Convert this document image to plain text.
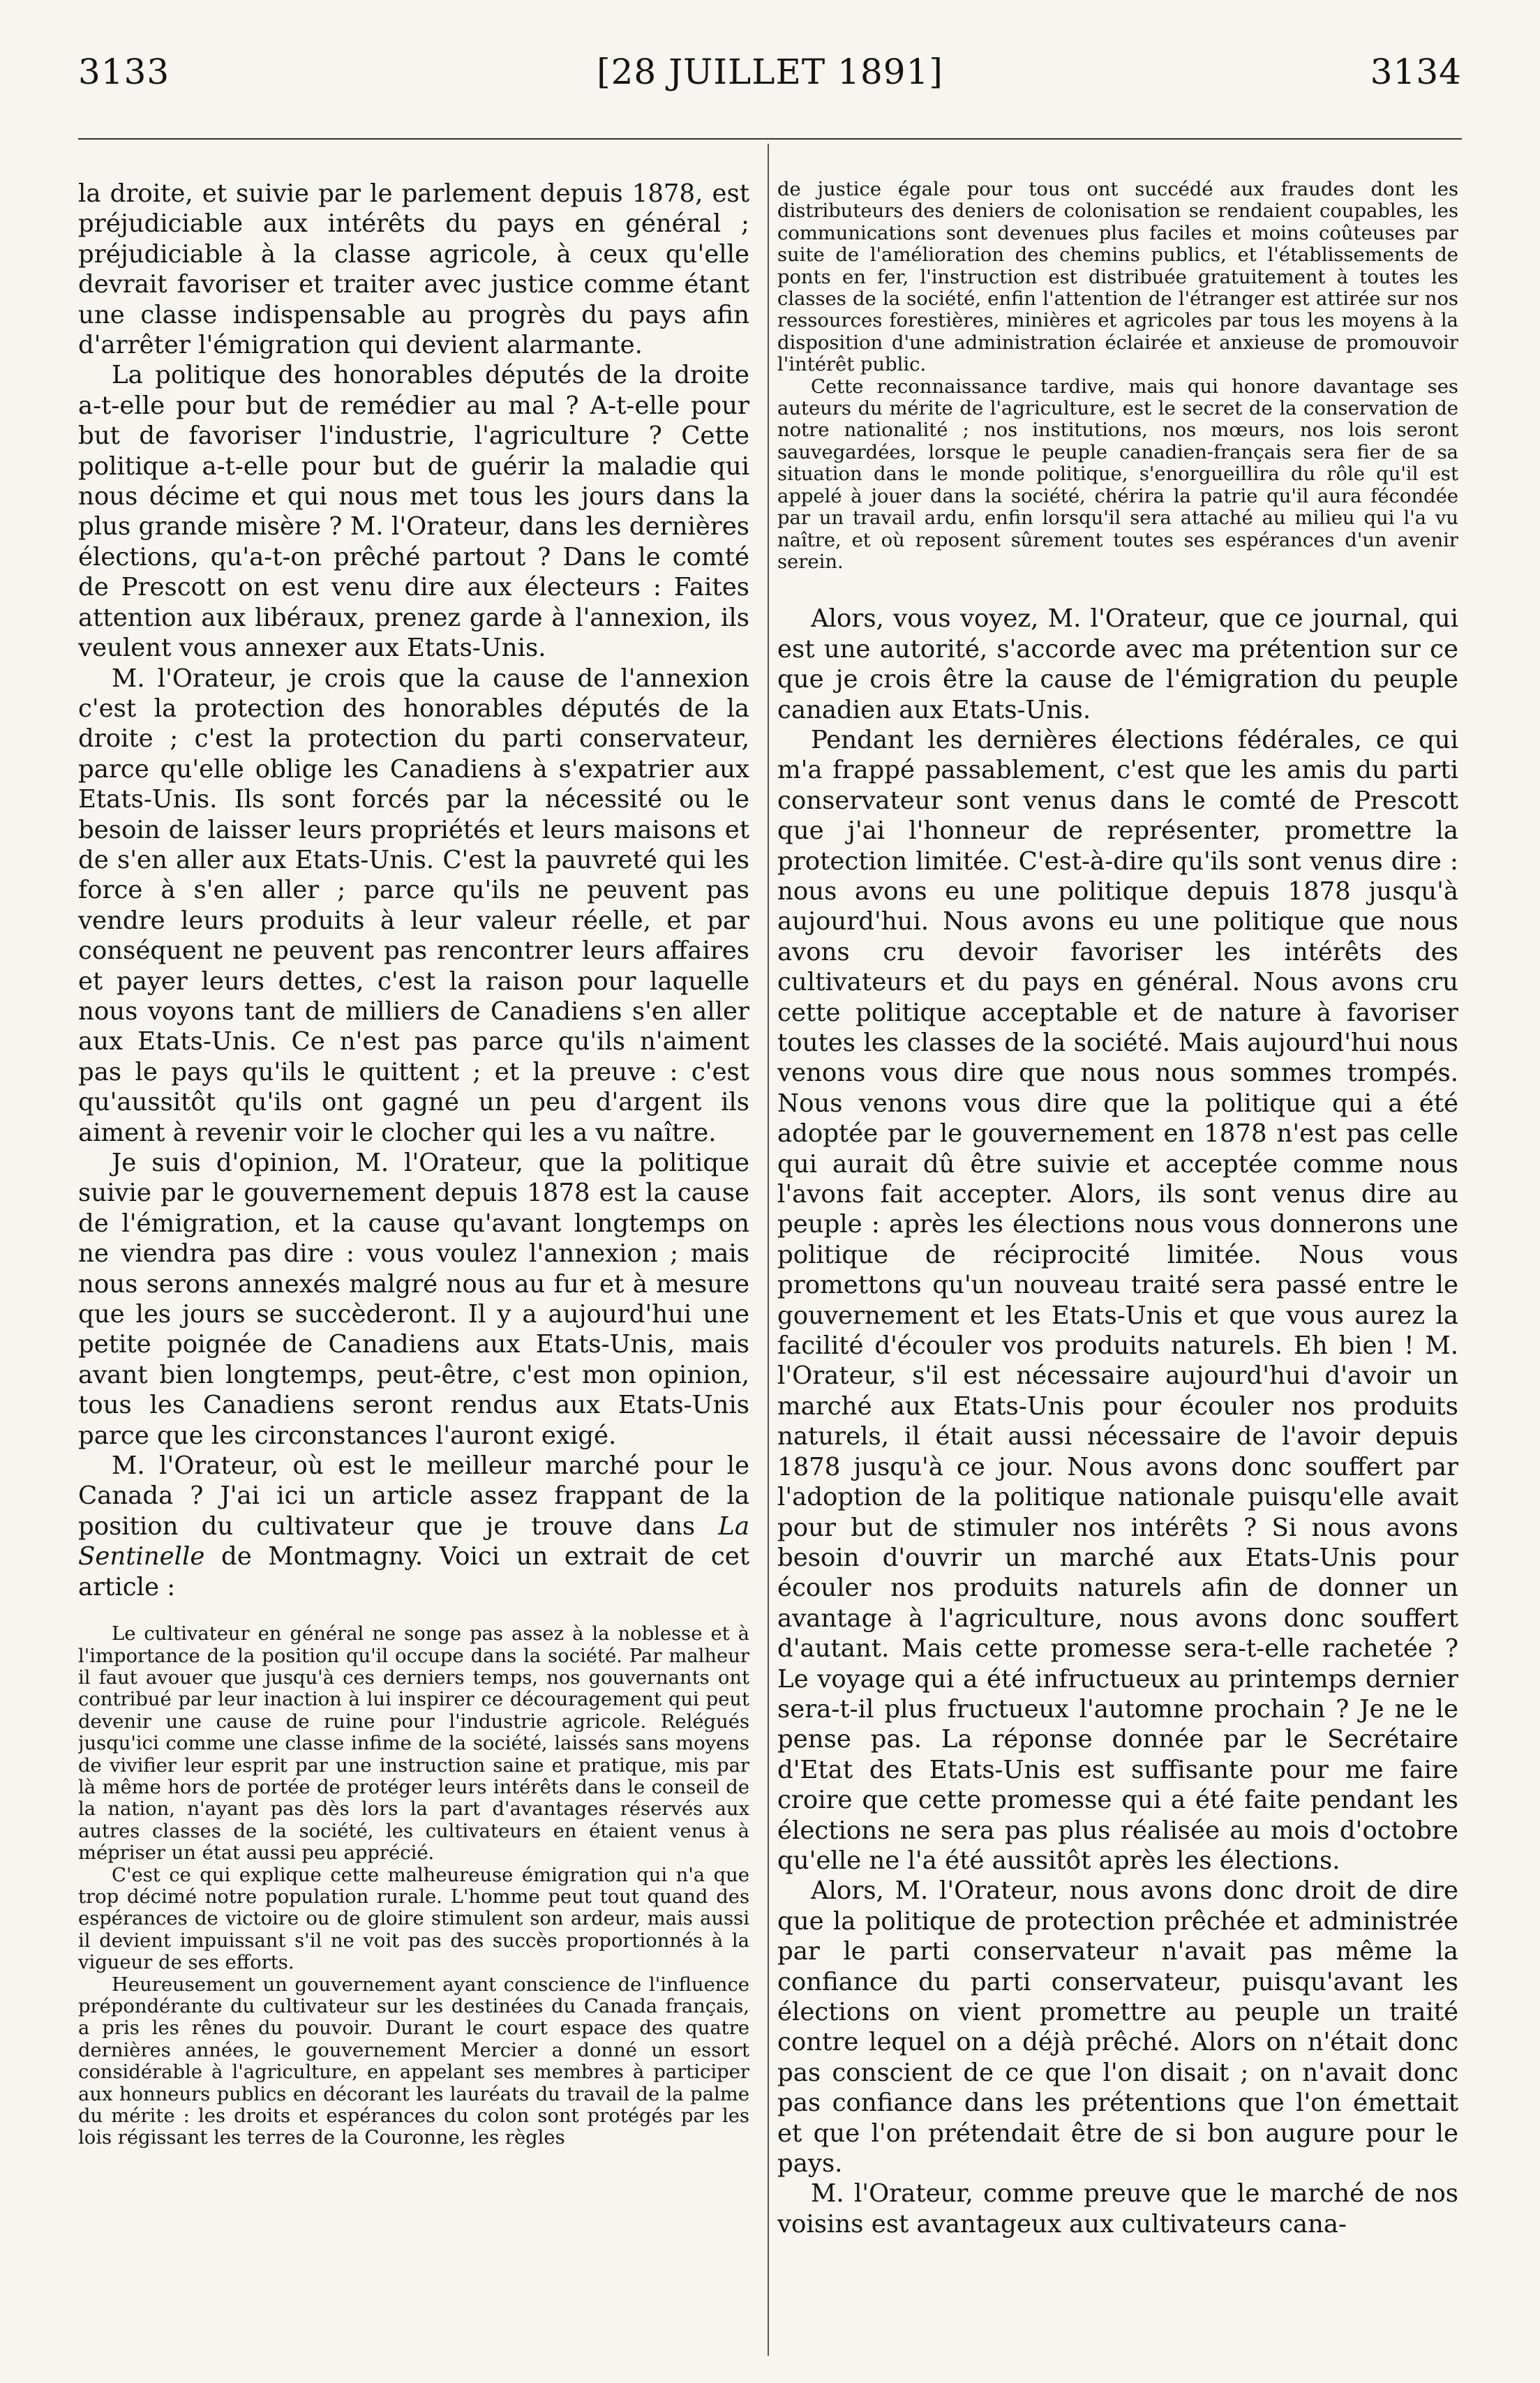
3133	[28 JUILLET 1891]	3134

la droite, et suivie par le parlement depuis 1878, est préjudiciable aux intérêts du pays en général ; préjudiciable à la classe agricole, à ceux qu'elle devrait favoriser et traiter avec justice comme étant une classe indispensable au progrès du pays afin d'arrêter l'émigration qui devient alarmante.

La politique des honorables députés de la droite a-t-elle pour but de remédier au mal ? A-t-elle pour but de favoriser l'industrie, l'agriculture ? Cette politique a-t-elle pour but de guérir la maladie qui nous décime et qui nous met tous les jours dans la plus grande misère ? M. l'Orateur, dans les dernières élections, qu'a-t-on prêché partout ? Dans le comté de Prescott on est venu dire aux électeurs : Faites attention aux libéraux, prenez garde à l'annexion, ils veulent vous annexer aux Etats-Unis.

M. l'Orateur, je crois que la cause de l'annexion c'est la protection des honorables députés de la droite ; c'est la protection du parti conservateur, parce qu'elle oblige les Canadiens à s'expatrier aux Etats-Unis. Ils sont forcés par la nécessité ou le besoin de laisser leurs propriétés et leurs maisons et de s'en aller aux Etats-Unis. C'est la pauvreté qui les force à s'en aller ; parce qu'ils ne peuvent pas vendre leurs produits à leur valeur réelle, et par conséquent ne peuvent pas rencontrer leurs affaires et payer leurs dettes, c'est la raison pour laquelle nous voyons tant de milliers de Canadiens s'en aller aux Etats-Unis. Ce n'est pas parce qu'ils n'aiment pas le pays qu'ils le quittent ; et la preuve : c'est qu'aussitôt qu'ils ont gagné un peu d'argent ils aiment à revenir voir le clocher qui les a vu naître.

Je suis d'opinion, M. l'Orateur, que la politique suivie par le gouvernement depuis 1878 est la cause de l'émigration, et la cause qu'avant longtemps on ne viendra pas dire : vous voulez l'annexion ; mais nous serons annexés malgré nous au fur et à mesure que les jours se succèderont. Il y a aujourd'hui une petite poignée de Canadiens aux Etats-Unis, mais avant bien longtemps, peut-être, c'est mon opinion, tous les Canadiens seront rendus aux Etats-Unis parce que les circonstances l'auront exigé.

M. l'Orateur, où est le meilleur marché pour le Canada ? J'ai ici un article assez frappant de la position du cultivateur que je trouve dans La Sentinelle de Montmagny. Voici un extrait de cet article :

Le cultivateur en général ne songe pas assez à la noblesse et à l'importance de la position qu'il occupe dans la société. Par malheur il faut avouer que jusqu'à ces derniers temps, nos gouvernants ont contribué par leur inaction à lui inspirer ce découragement qui peut devenir une cause de ruine pour l'industrie agricole. Relégués jusqu'ici comme une classe infime de la société, laissés sans moyens de vivifier leur esprit par une instruction saine et pratique, mis par là même hors de portée de protéger leurs intérêts dans le conseil de la nation, n'ayant pas dès lors la part d'avantages réservés aux autres classes de la société, les cultivateurs en étaient venus à mépriser un état aussi peu apprécié.

C'est ce qui explique cette malheureuse émigration qui n'a que trop décimé notre population rurale. L'homme peut tout quand des espérances de victoire ou de gloire stimulent son ardeur, mais aussi il devient impuissant s'il ne voit pas des succès proportionnés à la vigueur de ses efforts.

Heureusement un gouvernement ayant conscience de l'influence prépondérante du cultivateur sur les destinées du Canada français, a pris les rênes du pouvoir. Durant le court espace des quatre dernières années, le gouvernement Mercier a donné un essort considérable à l'agriculture, en appelant ses membres à participer aux honneurs publics en décorant les lauréats du travail de la palme du mérite : les droits et espérances du colon sont protégés par les lois régissant les terres de la Couronne, les règles

de justice égale pour tous ont succédé aux fraudes dont les distributeurs des deniers de colonisation se rendaient coupables, les communications sont devenues plus faciles et moins coûteuses par suite de l'amélioration des chemins publics, et l'établissements de ponts en fer, l'instruction est distribuée gratuitement à toutes les classes de la société, enfin l'attention de l'étranger est attirée sur nos ressources forestières, minières et agricoles par tous les moyens à la disposition d'une administration éclairée et anxieuse de promouvoir l'intérêt public.

Cette reconnaissance tardive, mais qui honore davantage ses auteurs du mérite de l'agriculture, est le secret de la conservation de notre nationalité ; nos institutions, nos mœurs, nos lois seront sauvegardées, lorsque le peuple canadien-français sera fier de sa situation dans le monde politique, s'enorgueillira du rôle qu'il est appelé à jouer dans la société, chérira la patrie qu'il aura fécondée par un travail ardu, enfin lorsqu'il sera attaché au milieu qui l'a vu naître, et où reposent sûrement toutes ses espérances d'un avenir serein.

Alors, vous voyez, M. l'Orateur, que ce journal, qui est une autorité, s'accorde avec ma prétention sur ce que je crois être la cause de l'émigration du peuple canadien aux Etats-Unis.

Pendant les dernières élections fédérales, ce qui m'a frappé passablement, c'est que les amis du parti conservateur sont venus dans le comté de Prescott que j'ai l'honneur de représenter, promettre la protection limitée. C'est-à-dire qu'ils sont venus dire : nous avons eu une politique depuis 1878 jusqu'à aujourd'hui. Nous avons eu une politique que nous avons cru devoir favoriser les intérêts des cultivateurs et du pays en général. Nous avons cru cette politique acceptable et de nature à favoriser toutes les classes de la société. Mais aujourd'hui nous venons vous dire que nous nous sommes trompés. Nous venons vous dire que la politique qui a été adoptée par le gouvernement en 1878 n'est pas celle qui aurait dû être suivie et acceptée comme nous l'avons fait accepter. Alors, ils sont venus dire au peuple : après les élections nous vous donnerons une politique de réciprocité limitée. Nous vous promettons qu'un nouveau traité sera passé entre le gouvernement et les Etats-Unis et que vous aurez la facilité d'écouler vos produits naturels. Eh bien ! M. l'Orateur, s'il est nécessaire aujourd'hui d'avoir un marché aux Etats-Unis pour écouler nos produits naturels, il était aussi nécessaire de l'avoir depuis 1878 jusqu'à ce jour. Nous avons donc souffert par l'adoption de la politique nationale puisqu'elle avait pour but de stimuler nos intérêts ? Si nous avons besoin d'ouvrir un marché aux Etats-Unis pour écouler nos produits naturels afin de donner un avantage à l'agriculture, nous avons donc souffert d'autant. Mais cette promesse sera-t-elle rachetée ? Le voyage qui a été infructueux au printemps dernier sera-t-il plus fructueux l'automne prochain ? Je ne le pense pas. La réponse donnée par le Secrétaire d'Etat des Etats-Unis est suffisante pour me faire croire que cette promesse qui a été faite pendant les élections ne sera pas plus réalisée au mois d'octobre qu'elle ne l'a été aussitôt après les élections.

Alors, M. l'Orateur, nous avons donc droit de dire que la politique de protection prêchée et administrée par le parti conservateur n'avait pas même la confiance du parti conservateur, puisqu'avant les élections on vient promettre au peuple un traité contre lequel on a déjà prêché. Alors on n'était donc pas conscient de ce que l'on disait ; on n'avait donc pas confiance dans les prétentions que l'on émettait et que l'on prétendait être de si bon augure pour le pays.

M. l'Orateur, comme preuve que le marché de nos voisins est avantageux aux cultivateurs cana-
